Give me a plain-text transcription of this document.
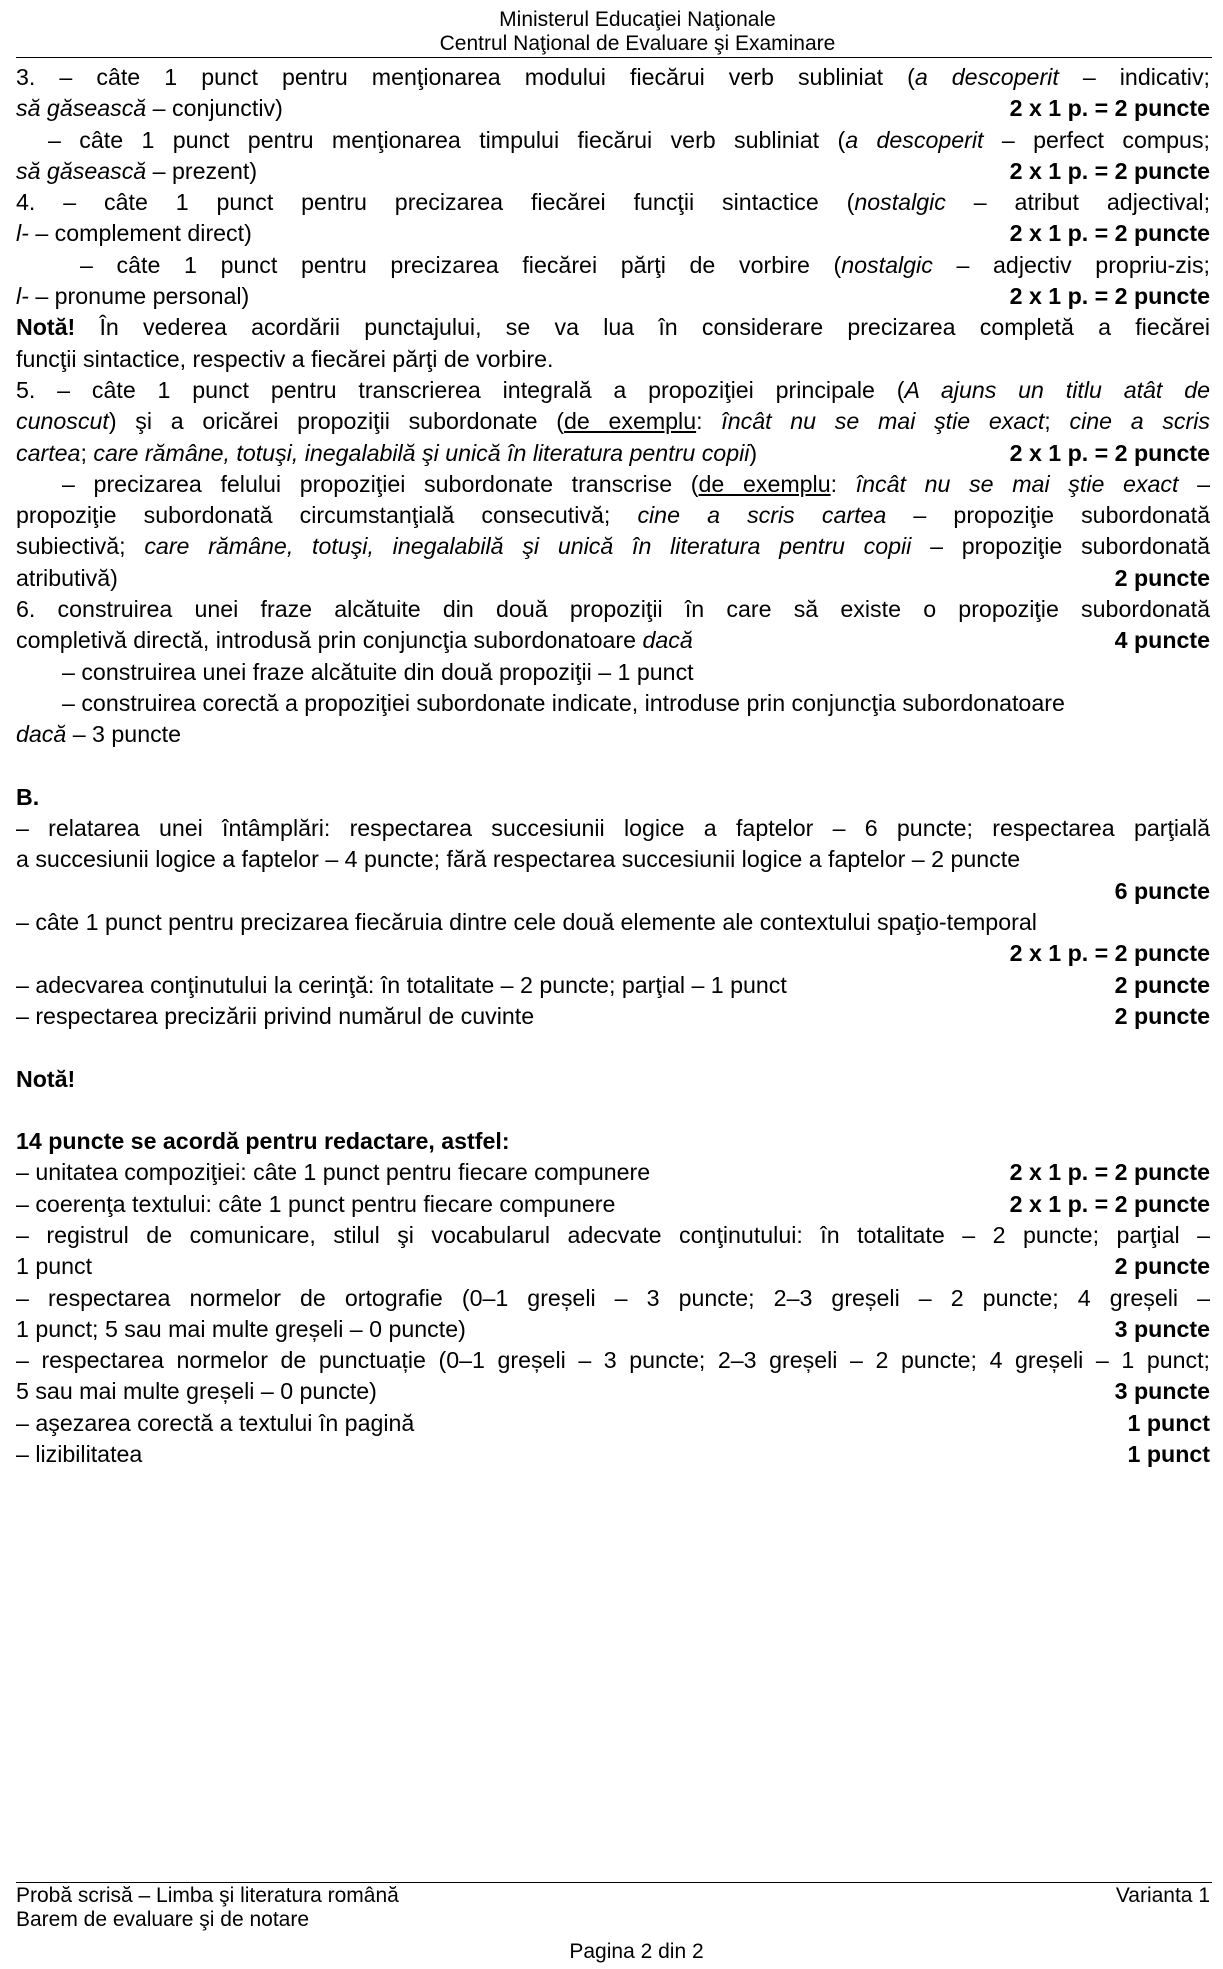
Ministerul Educaţiei Naţionale
Centrul Naţional de Evaluare şi Examinare
3. – câte 1 punct pentru menţionarea modului fiecărui verb subliniat (a descoperit – indicativ;
să găsească – conjunctiv)	2 x 1 p. = 2 puncte
– câte 1 punct pentru menţionarea timpului fiecărui verb subliniat (a descoperit – perfect compus;
să găsească – prezent)	2 x 1 p. = 2 puncte
4. – câte 1 punct pentru precizarea fiecărei funcţii sintactice (nostalgic – atribut adjectival;
l- – complement direct)	2 x 1 p. = 2 puncte
– câte 1 punct pentru precizarea fiecărei părţi de vorbire (nostalgic – adjectiv propriu-zis;
l- – pronume personal)	2 x 1 p. = 2 puncte
Notă! În vederea acordării punctajului, se va lua în considerare precizarea completă a fiecărei
funcţii sintactice, respectiv a fiecărei părţi de vorbire.
5. – câte 1 punct pentru transcrierea integrală a propoziţiei principale (A ajuns un titlu atât de
cunoscut) şi a oricărei propoziţii subordonate (de exemplu: încât nu se mai ştie exact; cine a scris
cartea; care rămâne, totuşi, inegalabilă şi unică în literatura pentru copii)	2 x 1 p. = 2 puncte
– precizarea felului propoziţiei subordonate transcrise (de exemplu: încât nu se mai ştie exact –
propoziţie subordonată circumstanţială consecutivă; cine a scris cartea – propoziţie subordonată
subiectivă; care rămâne, totuşi, inegalabilă şi unică în literatura pentru copii – propoziţie subordonată
atributivă)	2 puncte
6. construirea unei fraze alcătuite din două propoziţii în care să existe o propoziţie subordonată
completivă directă, introdusă prin conjuncţia subordonatoare dacă	4 puncte
– construirea unei fraze alcătuite din două propoziţii – 1 punct
– construirea corectă a propoziţiei subordonate indicate, introduse prin conjuncţia subordonatoare
dacă – 3 puncte
B.
– relatarea unei întâmplări: respectarea succesiunii logice a faptelor – 6 puncte; respectarea parţială
a succesiunii logice a faptelor – 4 puncte; fără respectarea succesiunii logice a faptelor – 2 puncte
6 puncte
– câte 1 punct pentru precizarea fiecăruia dintre cele două elemente ale contextului spaţio-temporal
2 x 1 p. = 2 puncte
– adecvarea conţinutului la cerinţă: în totalitate – 2 puncte; parţial – 1 punct	2 puncte
– respectarea precizării privind numărul de cuvinte	2 puncte
Notă!
14 puncte se acordă pentru redactare, astfel:
– unitatea compoziţiei: câte 1 punct pentru fiecare compunere	2 x 1 p. = 2 puncte
– coerenţa textului: câte 1 punct pentru fiecare compunere	2 x 1 p. = 2 puncte
– registrul de comunicare, stilul şi vocabularul adecvate conţinutului: în totalitate – 2 puncte; parţial –
1 punct	2 puncte
– respectarea normelor de ortografie (0–1 greșeli – 3 puncte; 2–3 greșeli – 2 puncte; 4 greșeli –
1 punct; 5 sau mai multe greșeli – 0 puncte)	3 puncte
– respectarea normelor de punctuație (0–1 greșeli – 3 puncte; 2–3 greșeli – 2 puncte; 4 greșeli – 1 punct;
5 sau mai multe greșeli – 0 puncte)	3 puncte
– aşezarea corectă a textului în pagină	1 punct
– lizibilitatea	1 punct
Probă scrisă – Limba şi literatura română
Barem de evaluare şi de notare
Varianta 1
Pagina 2 din 2
